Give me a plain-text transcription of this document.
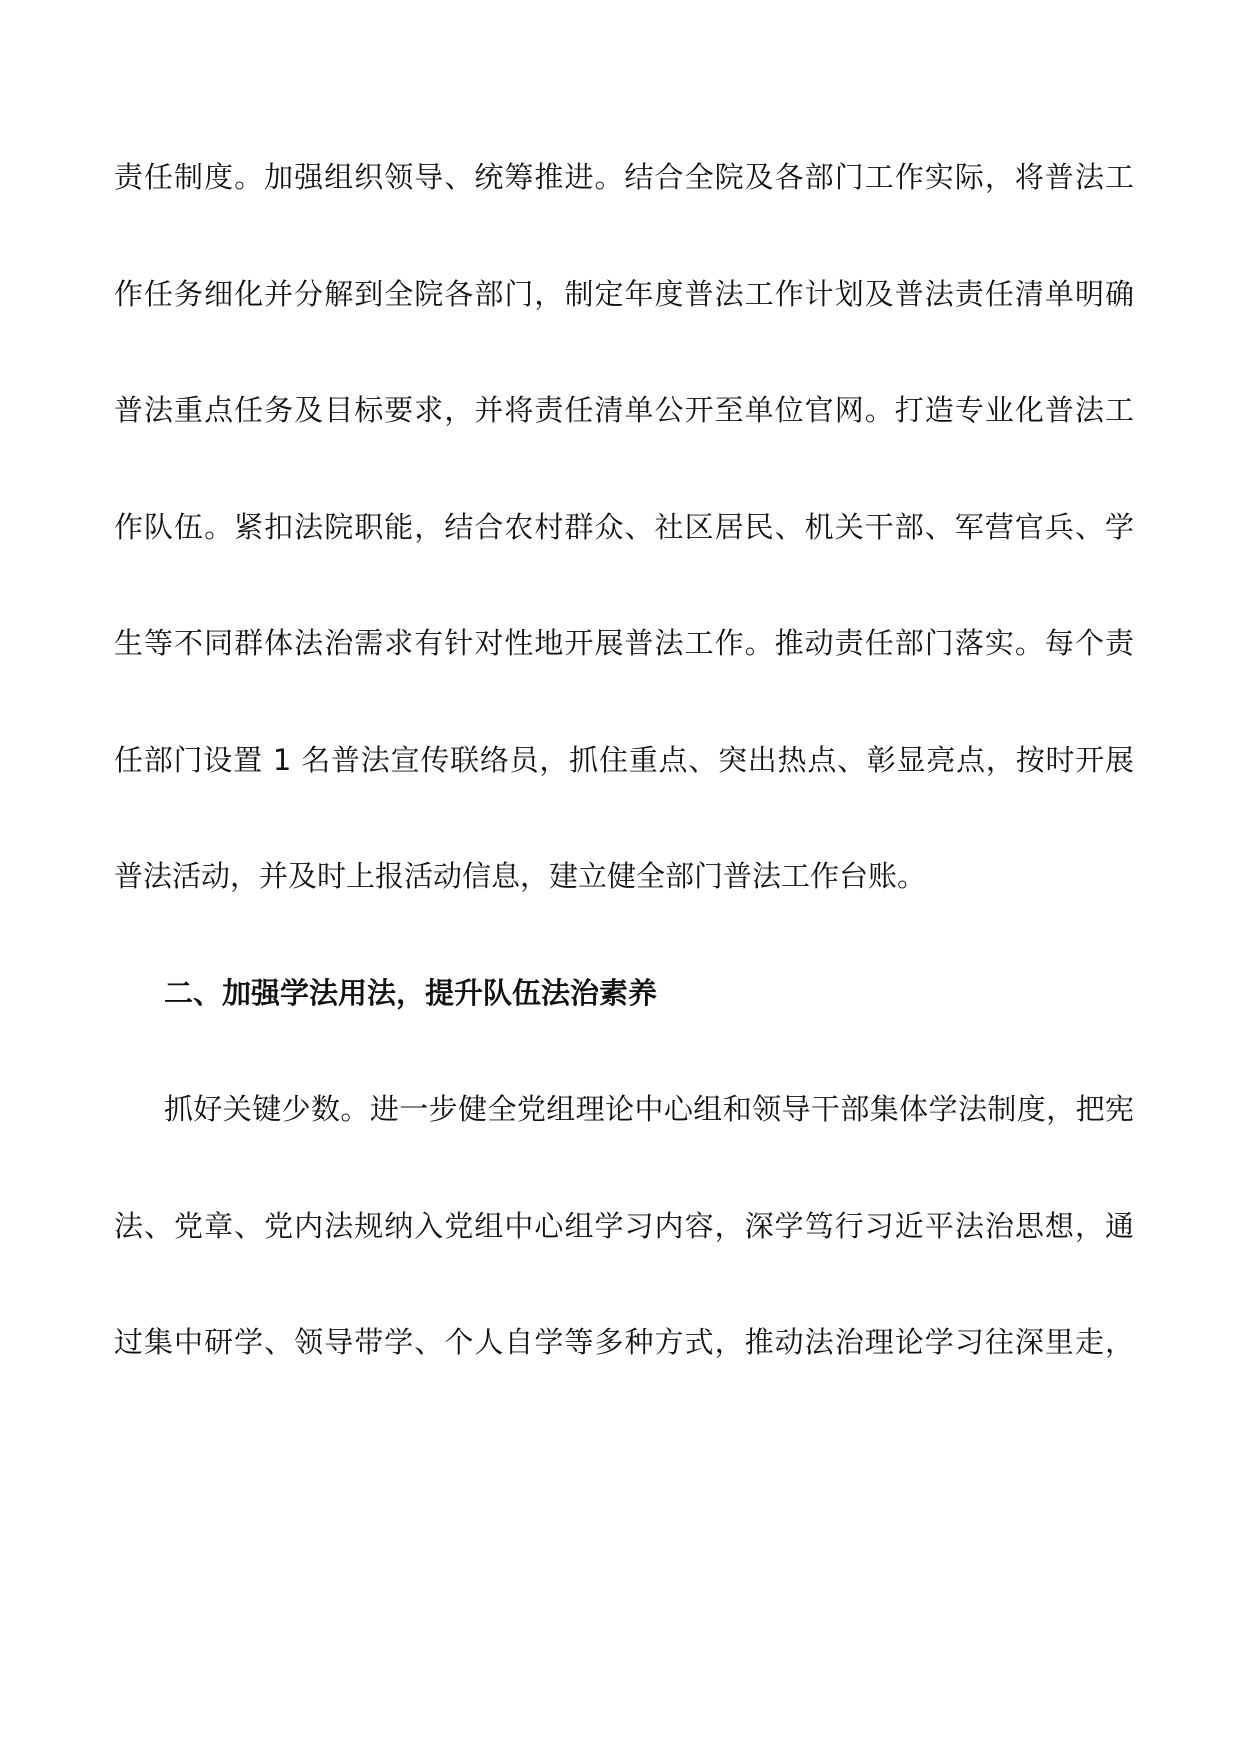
责任制度。加强组织领导、统筹推进。结合全院及各部门工作实际，将普法工
作任务细化并分解到全院各部门，制定年度普法工作计划及普法责任清单明确
普法重点任务及目标要求，并将责任清单公开至单位官网。打造专业化普法工
作队伍。紧扣法院职能，结合农村群众、社区居民、机关干部、军营官兵、学
生等不同群体法治需求有针对性地开展普法工作。推动责任部门落实。每个责
任部门设置 1 名普法宣传联络员，抓住重点、突出热点、彰显亮点，按时开展
普法活动，并及时上报活动信息，建立健全部门普法工作台账。
二、加强学法用法，提升队伍法治素养
抓好关键少数。进一步健全党组理论中心组和领导干部集体学法制度，把宪
法、党章、党内法规纳入党组中心组学习内容，深学笃行习近平法治思想，通
过集中研学、领导带学、个人自学等多种方式，推动法治理论学习往深里走，
